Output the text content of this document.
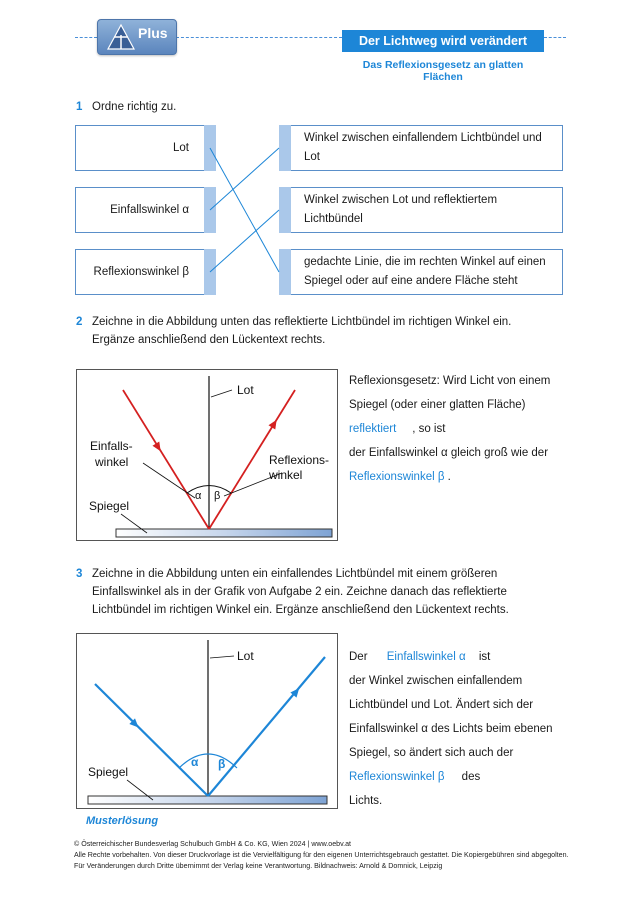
Plus	Der Lichtweg wird verändert
Das Reflexionsgesetz an glatten Flächen
1 Ordne richtig zu.
Lot
Einfallswinkel α
Reflexionswinkel β
Winkel zwischen einfallendem Lichtbündel und Lot
Winkel zwischen Lot und reflektiertem Lichtbündel
gedachte Linie, die im rechten Winkel auf einen Spiegel oder auf eine andere Fläche steht
2 Zeichne in die Abbildung unten das reflektierte Lichtbündel im richtigen Winkel ein.
Ergänze anschließend den Lückentext rechts.
Lot
Einfalls-
winkel	Reflexions-
winkel
α β
Spiegel
Reflexionsgesetz: Wird Licht von einem
Spiegel (oder einer glatten Fläche)
reflektiert , so ist
der Einfallswinkel α gleich groß wie der
Reflexionswinkel β .
3 Zeichne in die Abbildung unten ein einfallendes Lichtbündel mit einem größeren
Einfallswinkel als in der Grafik von Aufgabe 2 ein. Zeichne danach das reflektierte
Lichtbündel im richtigen Winkel ein. Ergänze anschließend den Lückentext rechts.
Lot
α β
Spiegel
Der Einfallswinkel α ist
der Winkel zwischen einfallendem
Lichtbündel und Lot. Ändert sich der
Einfallswinkel α des Lichts beim ebenen
Spiegel, so ändert sich auch der
Reflexionswinkel β des
Lichts.
Musterlösung
© Österreichischer Bundesverlag Schulbuch GmbH & Co. KG, Wien 2024 | www.oebv.at
Alle Rechte vorbehalten. Von dieser Druckvorlage ist die Vervielfältigung für den eigenen Unterrichtsgebrauch gestattet. Die Kopiergebühren sind abgegolten.
Für Veränderungen durch Dritte übernimmt der Verlag keine Verantwortung. Bildnachweis: Arnold & Domnick, Leipzig
